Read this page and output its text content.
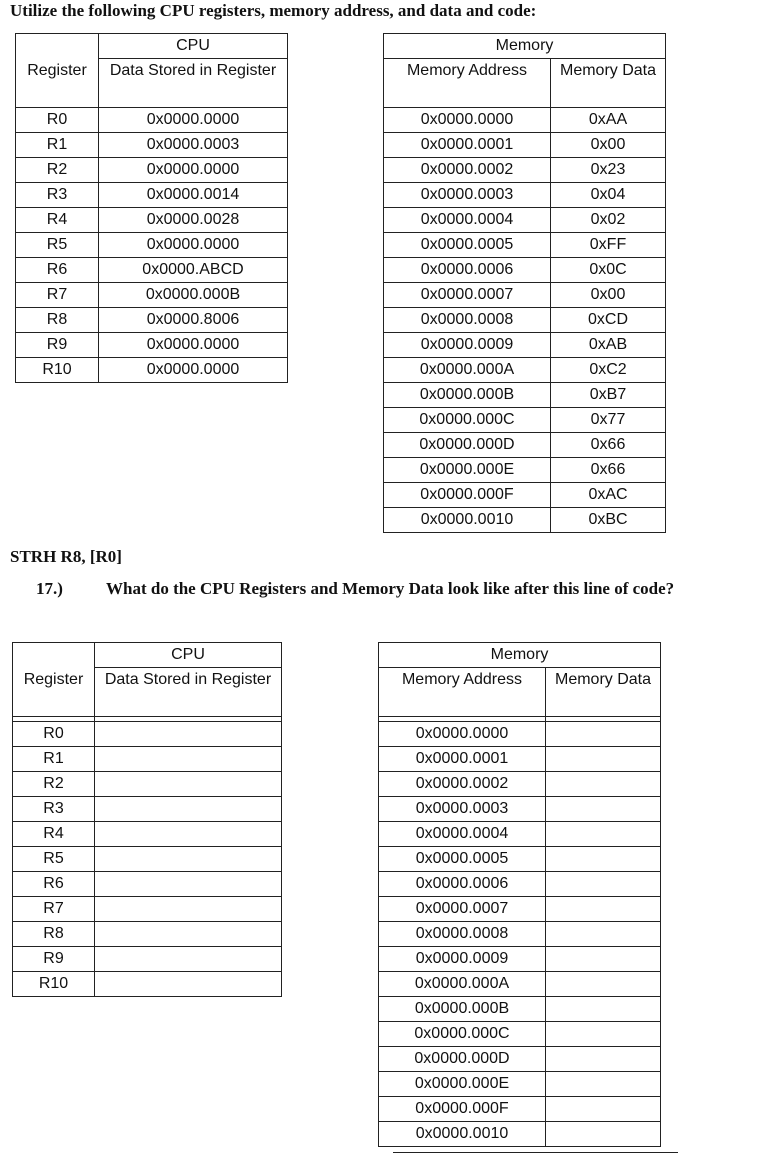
Utilize the following CPU registers, memory address, and data and code:

	CPU
Register	Data Stored in Register
R0	0x0000.0000
R1	0x0000.0003
R2	0x0000.0000
R3	0x0000.0014
R4	0x0000.0028
R5	0x0000.0000
R6	0x0000.ABCD
R7	0x0000.000B
R8	0x0000.8006
R9	0x0000.0000
R10	0x0000.0000
Memory	
Memory Address	Memory Data
0x0000.0000	0xAA
0x0000.0001	0x00
0x0000.0002	0x23
0x0000.0003	0x04
0x0000.0004	0x02
0x0000.0005	0xFF
0x0000.0006	0x0C
0x0000.0007	0x00
0x0000.0008	0xCD
0x0000.0009	0xAB
0x0000.000A	0xC2
0x0000.000B	0xB7
0x0000.000C	0x77
0x0000.000D	0x66
0x0000.000E	0x66
0x0000.000F	0xAC
0x0000.0010	0xBC
STRH R8, [R0]
17.)	What do the CPU Registers and Memory Data look like after this line of code?
	CPU
Register	Data Stored in Register

R0	
R1	
R2	
R3	
R4	
R5	
R6	
R7	
R8	
R9	
R10	
Memory	
Memory Address	Memory Data

0x0000.0000	
0x0000.0001	
0x0000.0002	
0x0000.0003	
0x0000.0004	
0x0000.0005	
0x0000.0006	
0x0000.0007	
0x0000.0008	
0x0000.0009	
0x0000.000A	
0x0000.000B	
0x0000.000C	
0x0000.000D	
0x0000.000E	
0x0000.000F	
0x0000.0010	
